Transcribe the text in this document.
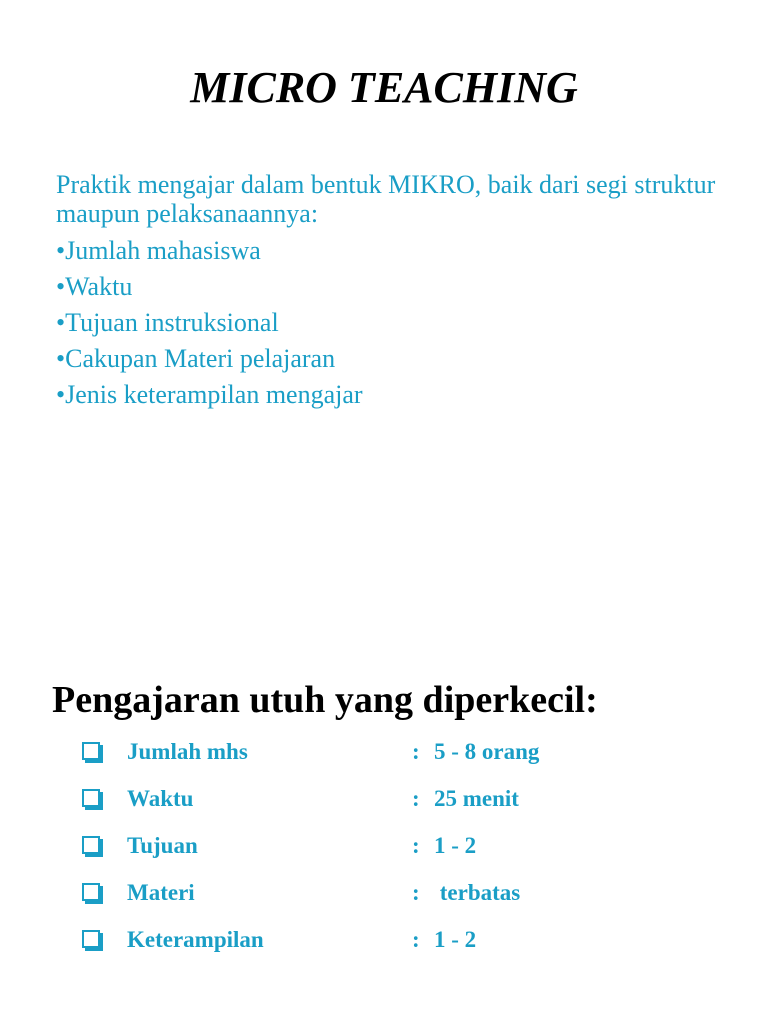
MICRO TEACHING
Praktik mengajar dalam bentuk MIKRO, baik dari segi struktur maupun pelaksanaannya:
•Jumlah mahasiswa
•Waktu
•Tujuan instruksional
•Cakupan Materi pelajaran
•Jenis keterampilan mengajar
Pengajaran utuh yang diperkecil:
Jumlah mhs	: 5 - 8 orang
Waktu	: 25 menit
Tujuan	: 1 - 2
Materi	: terbatas
Keterampilan	: 1 - 2
